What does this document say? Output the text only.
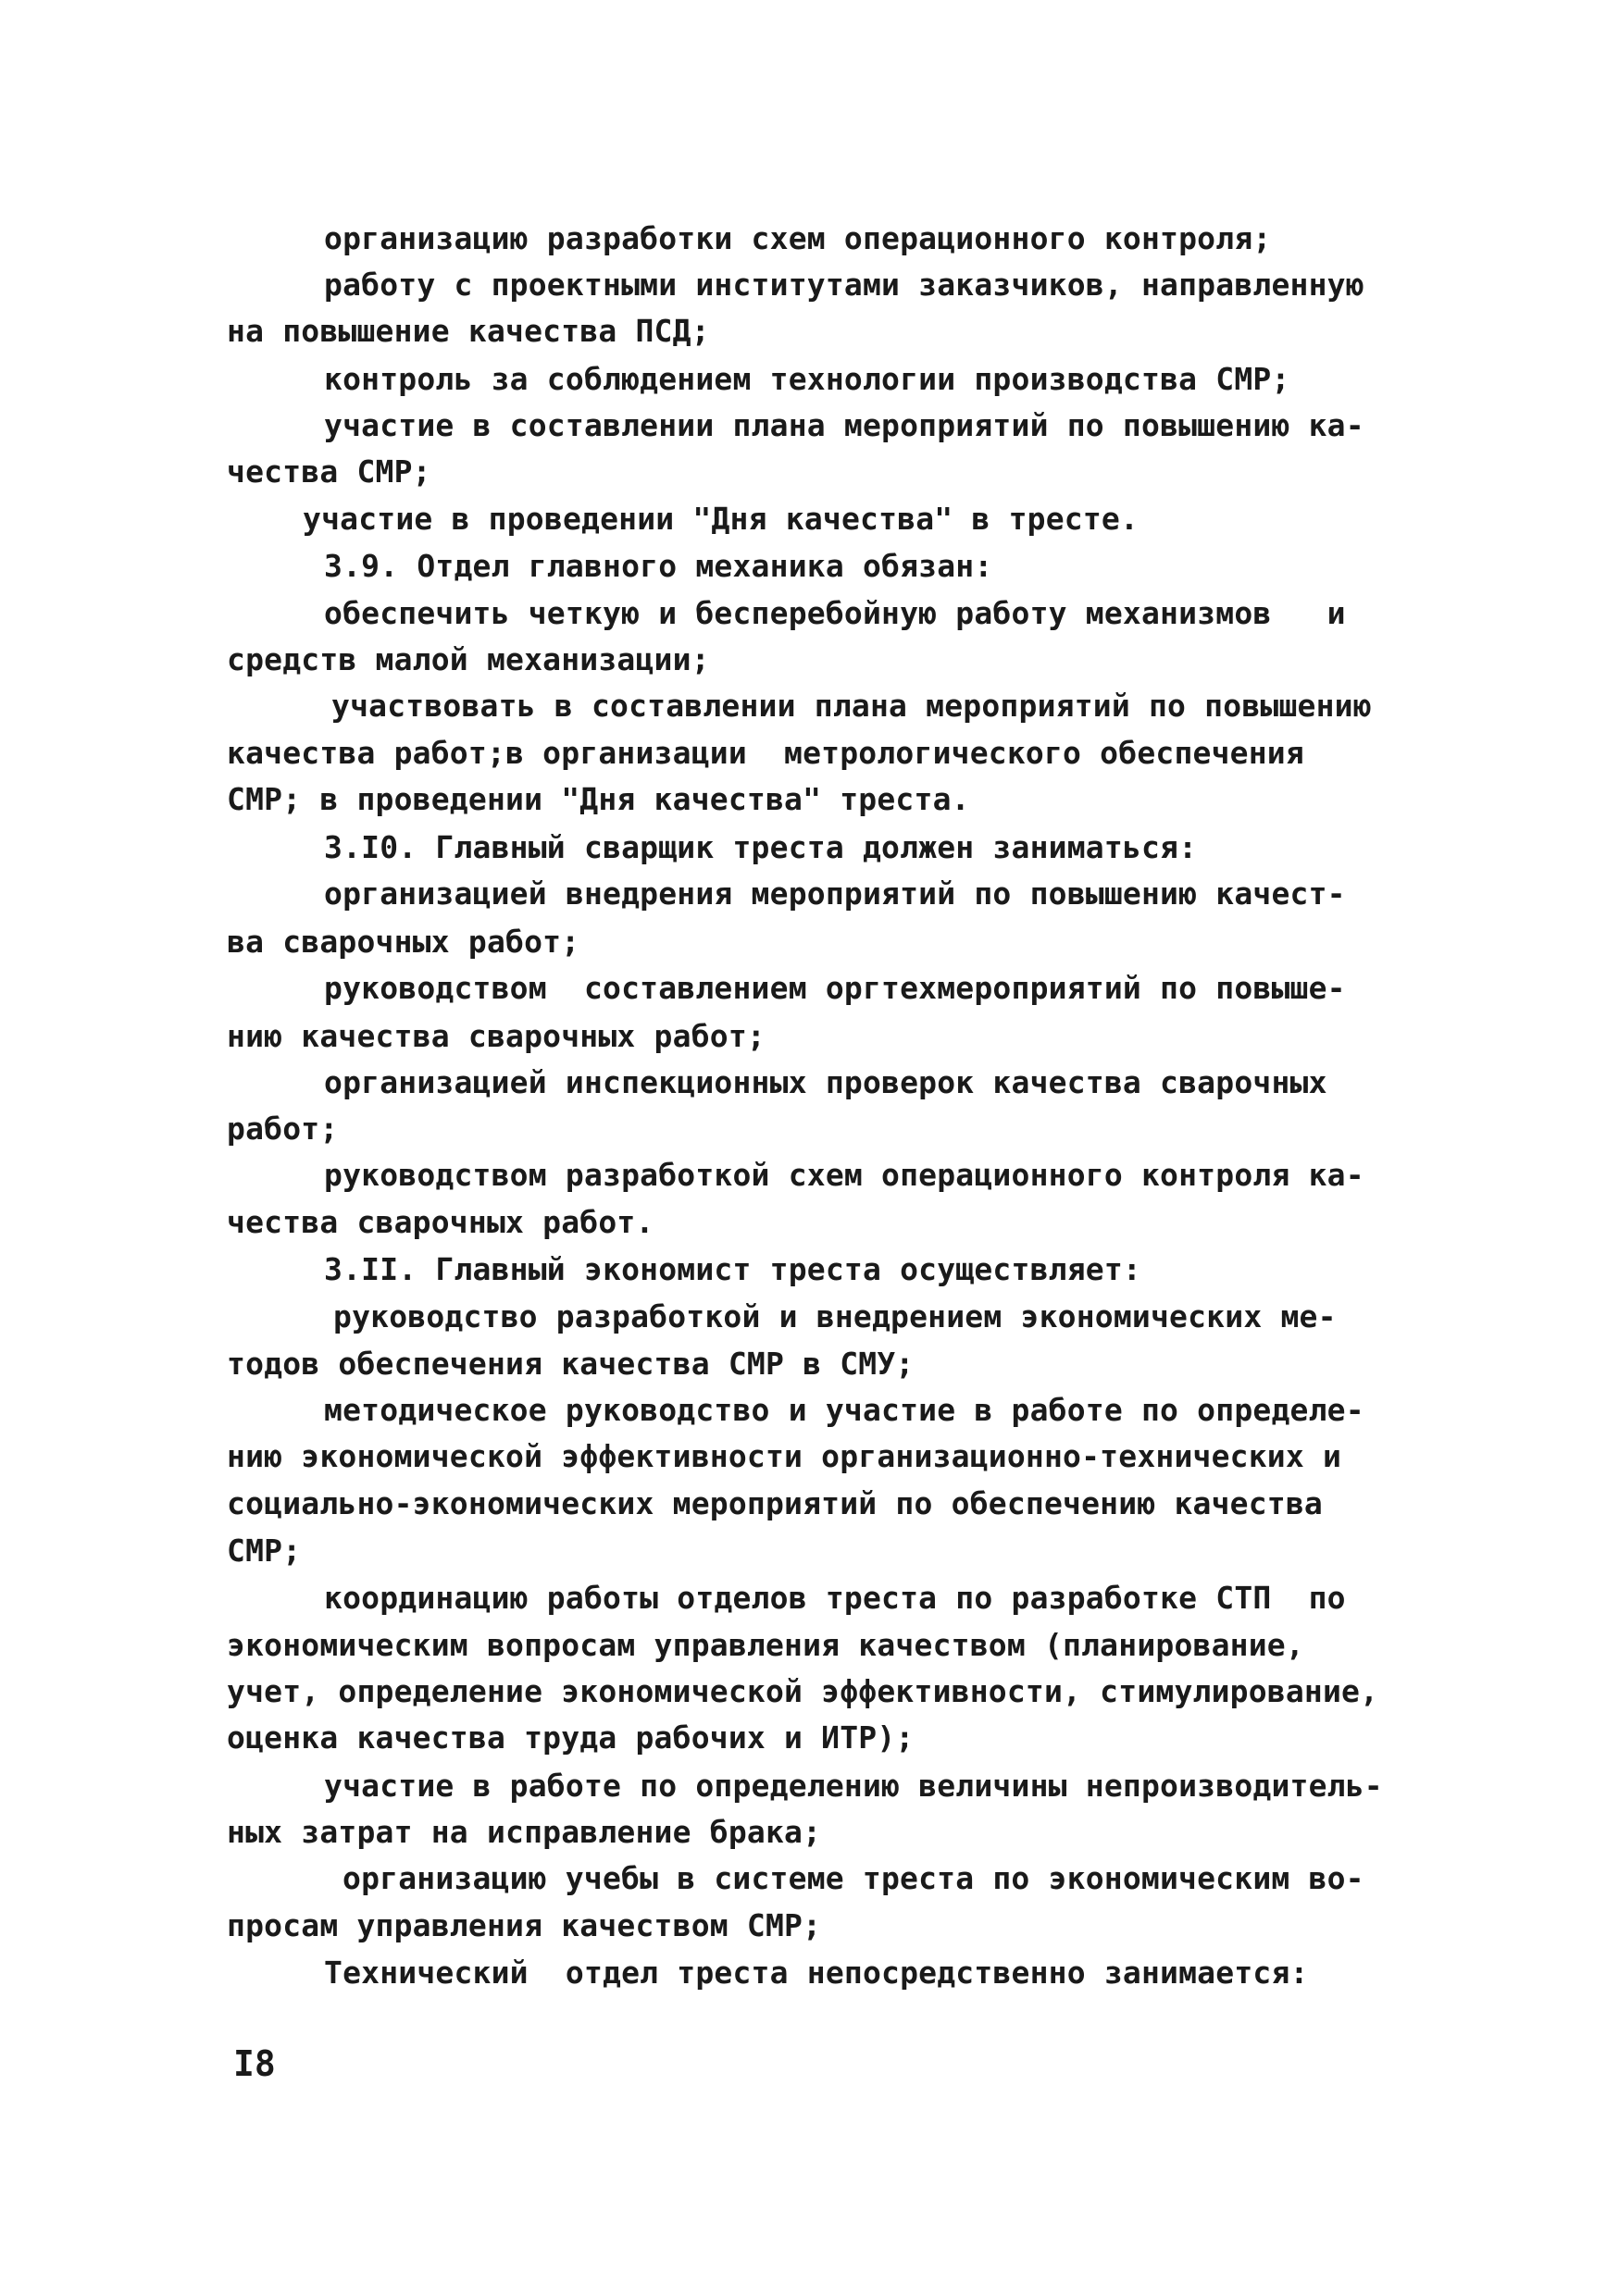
организацию разработки схем операционного контроля;
работу с проектными институтами заказчиков, направленную
на повышение качества ПСД;
контроль за соблюдением технологии производства СМР;
участие в составлении плана мероприятий по повышению ка-
чества СМР;
участие в проведении "Дня качества" в тресте.
3.9. Отдел главного механика обязан:
обеспечить четкую и бесперебойную работу механизмов   и
средств малой механизации;
участвовать в составлении плана мероприятий по повышению
качества работ;в организации  метрологического обеспечения
СМР; в проведении "Дня качества" треста.
3.I0. Главный сварщик треста должен заниматься:
организацией внедрения мероприятий по повышению качест-
ва сварочных работ;
руководством  составлением оргтехмероприятий по повыше-
нию качества сварочных работ;
организацией инспекционных проверок качества сварочных
работ;
руководством разработкой схем операционного контроля ка-
чества сварочных работ.
3.II. Главный экономист треста осуществляет:
руководство разработкой и внедрением экономических ме-
тодов обеспечения качества СМР в СМУ;
методическое руководство и участие в работе по определе-
нию экономической эффективности организационно-технических и
социально-экономических мероприятий по обеспечению качества
СМР;
координацию работы отделов треста по разработке СТП  по
экономическим вопросам управления качеством (планирование,
учет, определение экономической эффективности, стимулирование,
оценка качества труда рабочих и ИТР);
участие в работе по определению величины непроизводитель-
ных затрат на исправление брака;
организацию учебы в системе треста по экономическим во-
просам управления качеством СМР;
Технический  отдел треста непосредственно занимается:
I8
